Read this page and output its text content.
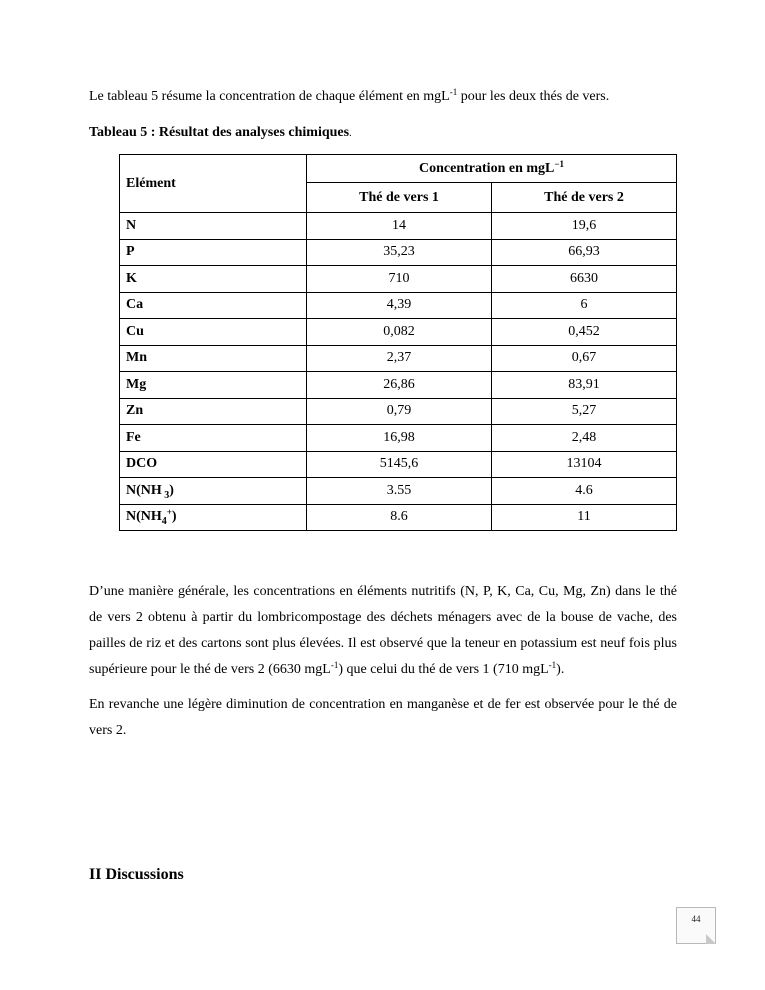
Le tableau 5 résume la concentration de chaque élément en mgL$^{-1}$ pour les deux thés de vers.

Tableau 5 : Résultat des analyses chimiques.

Elément	Concentration en mgL$^{-1}$
	Thé de vers 1	Thé de vers 2
N	14	19,6
P	35,23	66,93
K	710	6630
Ca	4,39	6
Cu	0,082	0,452
Mn	2,37	0,67
Mg	26,86	83,91
Zn	0,79	5,27
Fe	16,98	2,48
DCO	5145,6	13104
N(NH $_3$)	3.55	4.6
$N(NH_4^+)$	8.6	11

D’une manière générale, les concentrations en éléments nutritifs (N, P, K, Ca, Cu, Mg, Zn) dans le thé de vers 2 obtenu à partir du lombricompostage des déchets ménagers avec de la bouse de vache, des pailles de riz et des cartons sont plus élevées. Il est observé que la teneur en potassium est neuf fois plus supérieure pour le thé de vers 2 (6630 mgL$^{-1}$) que celui du thé de vers 1 (710 mgL$^{-1}$).

En revanche une légère diminution de concentration en manganèse et de fer est observée pour le thé de vers 2.

II Discussions
44
